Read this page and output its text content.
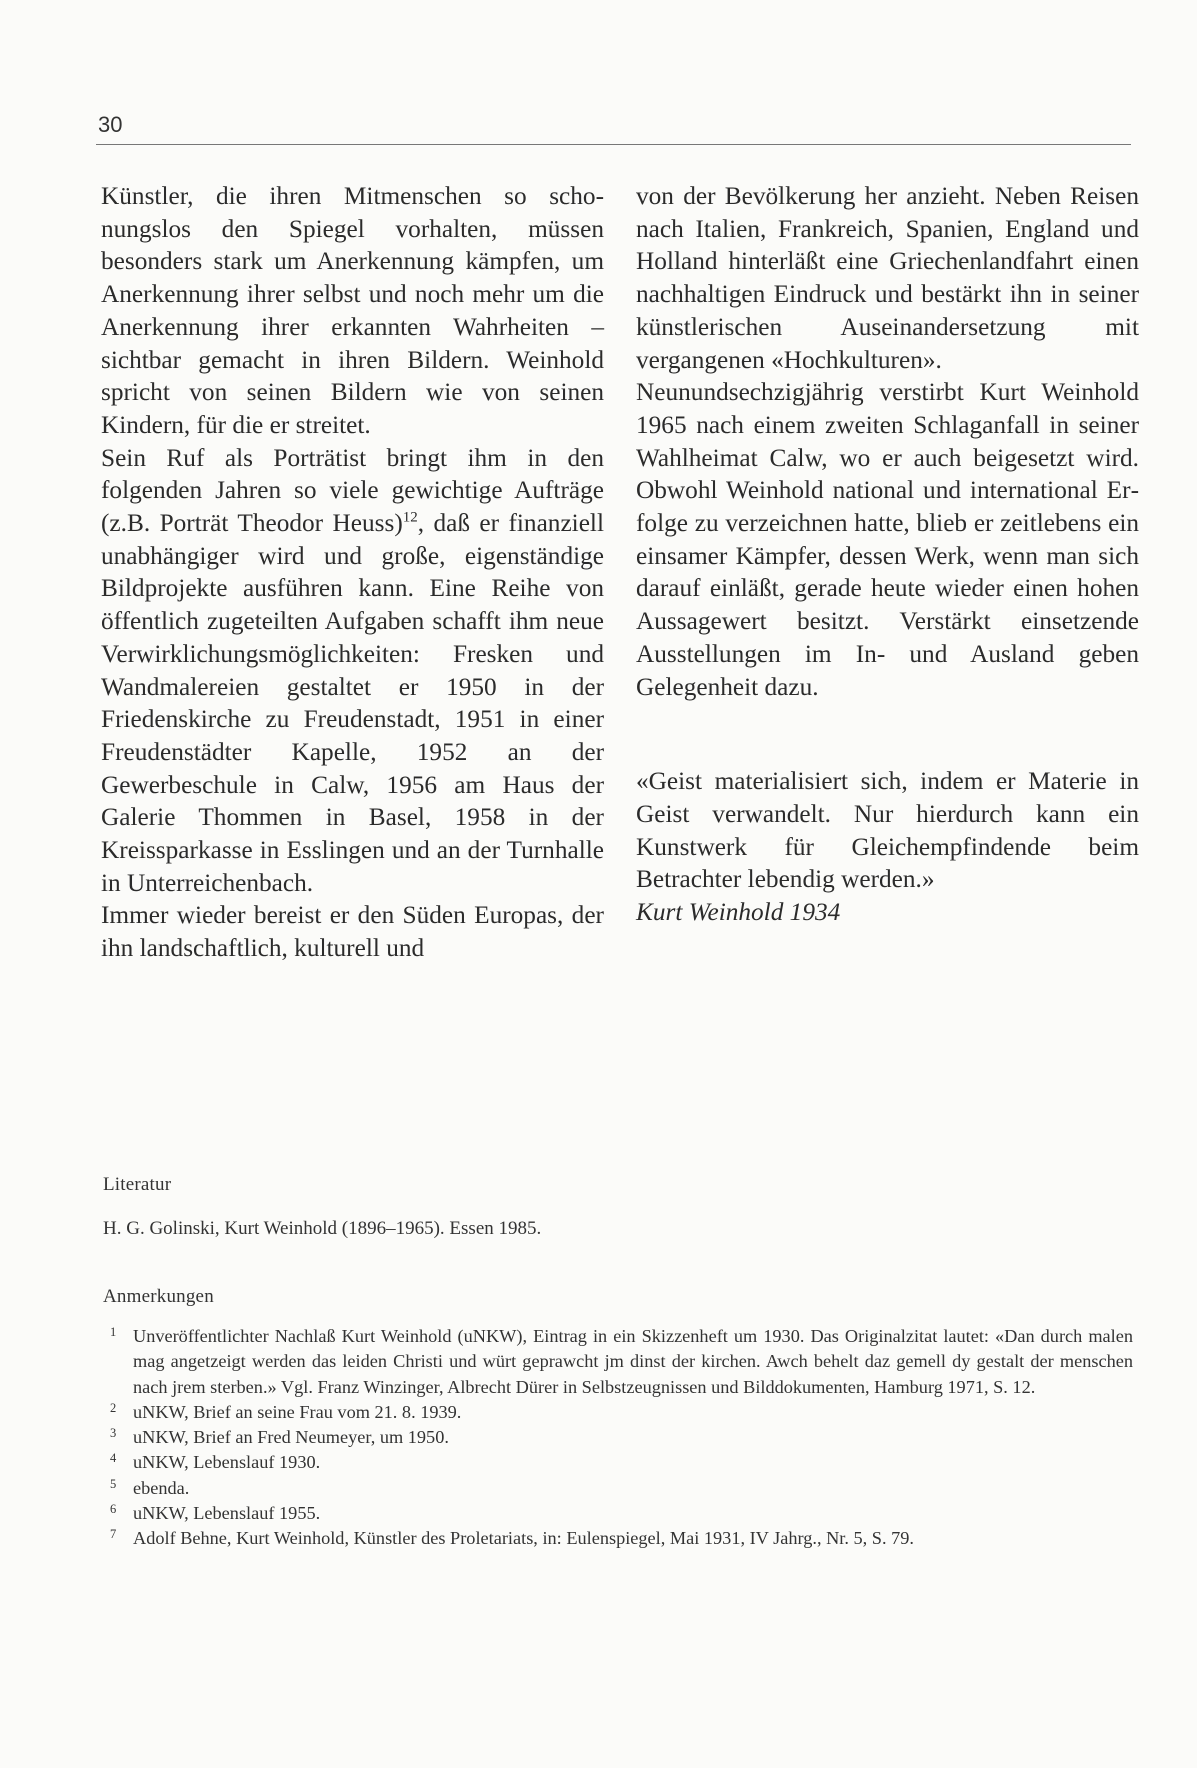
30

Künstler, die ihren Mitmenschen so schonungslos den Spiegel vorhalten, müssen besonders stark um Anerkennung kämpfen, um Anerkennung ihrer selbst und noch mehr um die Anerkennung ihrer erkannten Wahrheiten – sichtbar gemacht in ihren Bildern. Weinhold spricht von seinen Bildern wie von seinen Kindern, für die er streitet.

Sein Ruf als Porträtist bringt ihm in den folgenden Jahren so viele gewichtige Aufträge (z.B. Porträt Theodor Heuss)$^{12}$, daß er finanziell unabhängiger wird und große, eigenständige Bildprojekte ausführen kann. Eine Reihe von öffentlich zugeteilten Aufgaben schafft ihm neue Verwirklichungsmöglichkeiten: Fresken und Wandmalereien gestaltet er 1950 in der Friedenskirche zu Freudenstadt, 1951 in einer Freudenstädter Kapelle, 1952 an der Gewerbeschule in Calw, 1956 am Haus der Galerie Thommen in Basel, 1958 in der Kreissparkasse in Esslingen und an der Turnhalle in Unterreichenbach.

Immer wieder bereist er den Süden Europas, der ihn landschaftlich, kulturell und

von der Bevölkerung her anzieht. Neben Reisen nach Italien, Frankreich, Spanien, England und Holland hinterläßt eine Griechenlandfahrt einen nachhaltigen Eindruck und bestärkt ihn in seiner künstlerischen Auseinandersetzung mit vergangenen «Hochkulturen».

Neunundsechzigjährig verstirbt Kurt Weinhold 1965 nach einem zweiten Schlaganfall in seiner Wahlheimat Calw, wo er auch beigesetzt wird. Obwohl Weinhold national und international Erfolge zu verzeichnen hatte, blieb er zeitlebens ein einsamer Kämpfer, dessen Werk, wenn man sich darauf einläßt, gerade heute wieder einen hohen Aussagewert besitzt. Verstärkt einsetzende Ausstellungen im In- und Ausland geben Gelegenheit dazu.

«Geist materialisiert sich, indem er Materie in Geist verwandelt. Nur hierdurch kann ein Kunstwerk für Gleichempfindende beim Betrachter lebendig werden.»

Kurt Weinhold 1934

Literatur

H. G. Golinski, Kurt Weinhold (1896–1965). Essen 1985.

Anmerkungen
1 Unveröffentlichter Nachlaß Kurt Weinhold (uNKW), Eintrag in ein Skizzenheft um 1930. Das Originalzitat lautet: «Dan durch malen mag angetzeigt werden das leiden Christi und würt geprawcht jm dinst der kirchen. Awch behelt daz gemell dy gestalt der menschen nach jrem sterben.» Vgl. Franz Winzinger, Albrecht Dürer in Selbstzeugnissen und Bilddokumenten, Hamburg 1971, S. 12.
2 uNKW, Brief an seine Frau vom 21. 8. 1939.
3 uNKW, Brief an Fred Neumeyer, um 1950.
4 uNKW, Lebenslauf 1930.
5 ebenda.
6 uNKW, Lebenslauf 1955.
7 Adolf Behne, Kurt Weinhold, Künstler des Proletariats, in: Eulenspiegel, Mai 1931, IV Jahrg., Nr. 5, S. 79.
